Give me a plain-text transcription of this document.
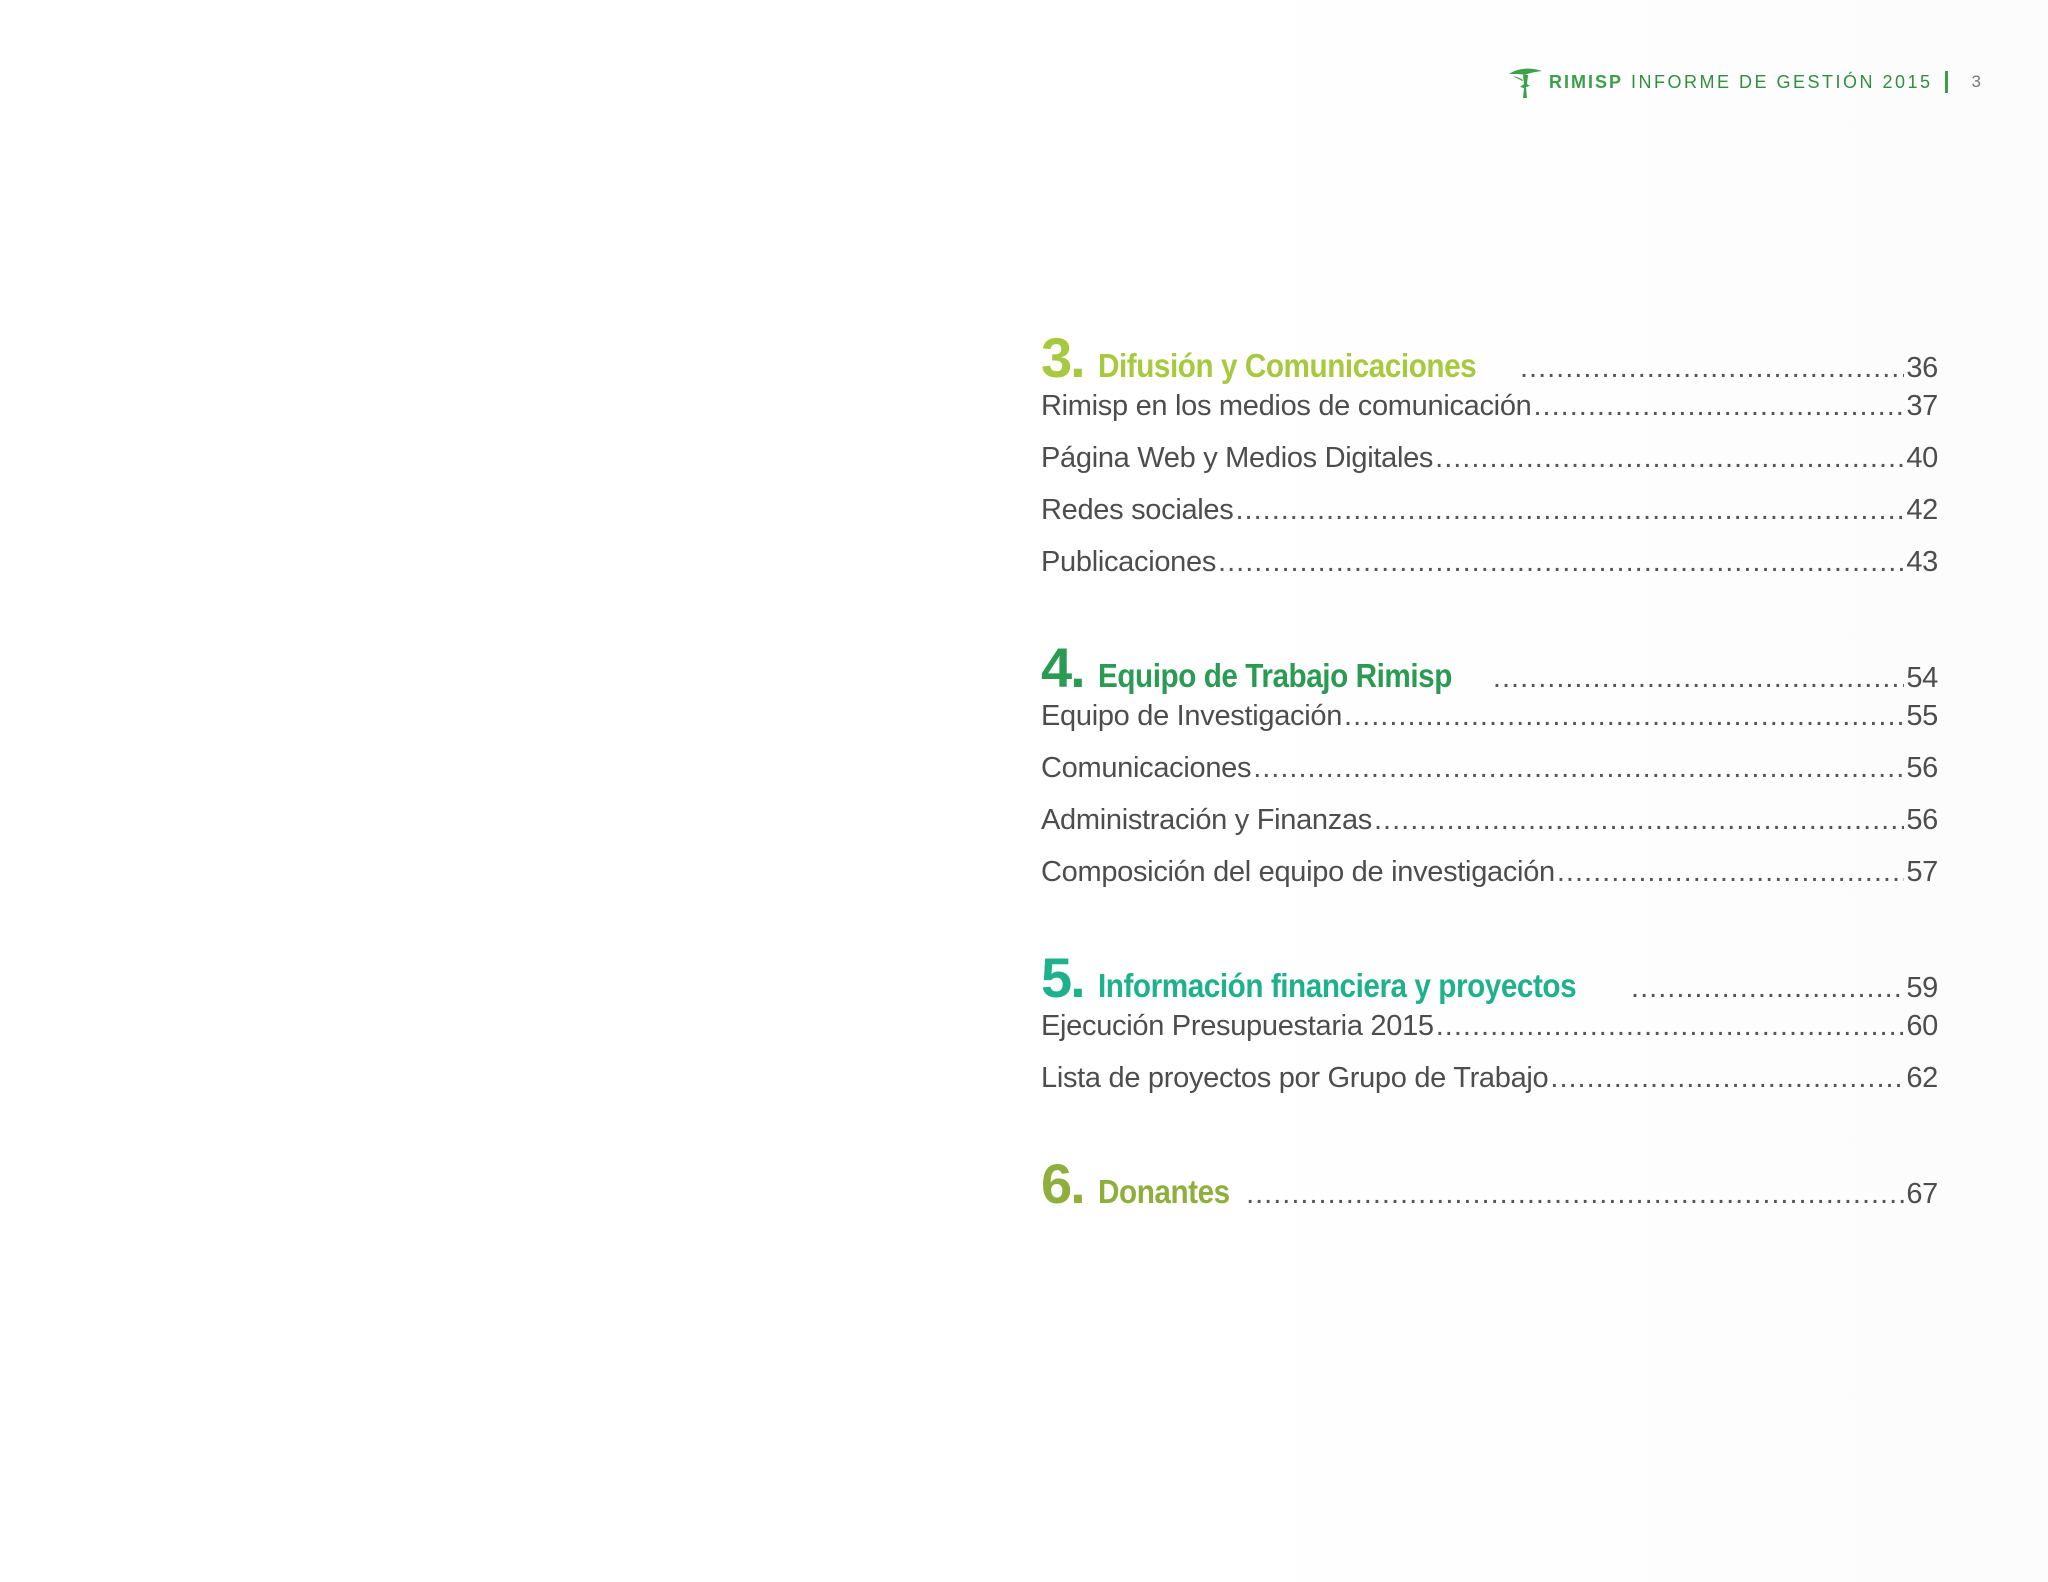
RIMISP INFORME DE GESTIÓN 2015 3
3. Difusión y Comunicaciones .....	36
Rimisp en los medios de comunicación .....	37
Página Web y Medios Digitales .....	40
Redes sociales .....	42
Publicaciones .....	43
4. Equipo de Trabajo Rimisp .....	54
Equipo de Investigación .....	55
Comunicaciones .....	56
Administración y Finanzas .....	56
Composición del equipo de investigación .....	57
5. Información financiera y proyectos .....	59
Ejecución Presupuestaria 2015 .....	60
Lista de proyectos por Grupo de Trabajo .....	62
6. Donantes .....	67
